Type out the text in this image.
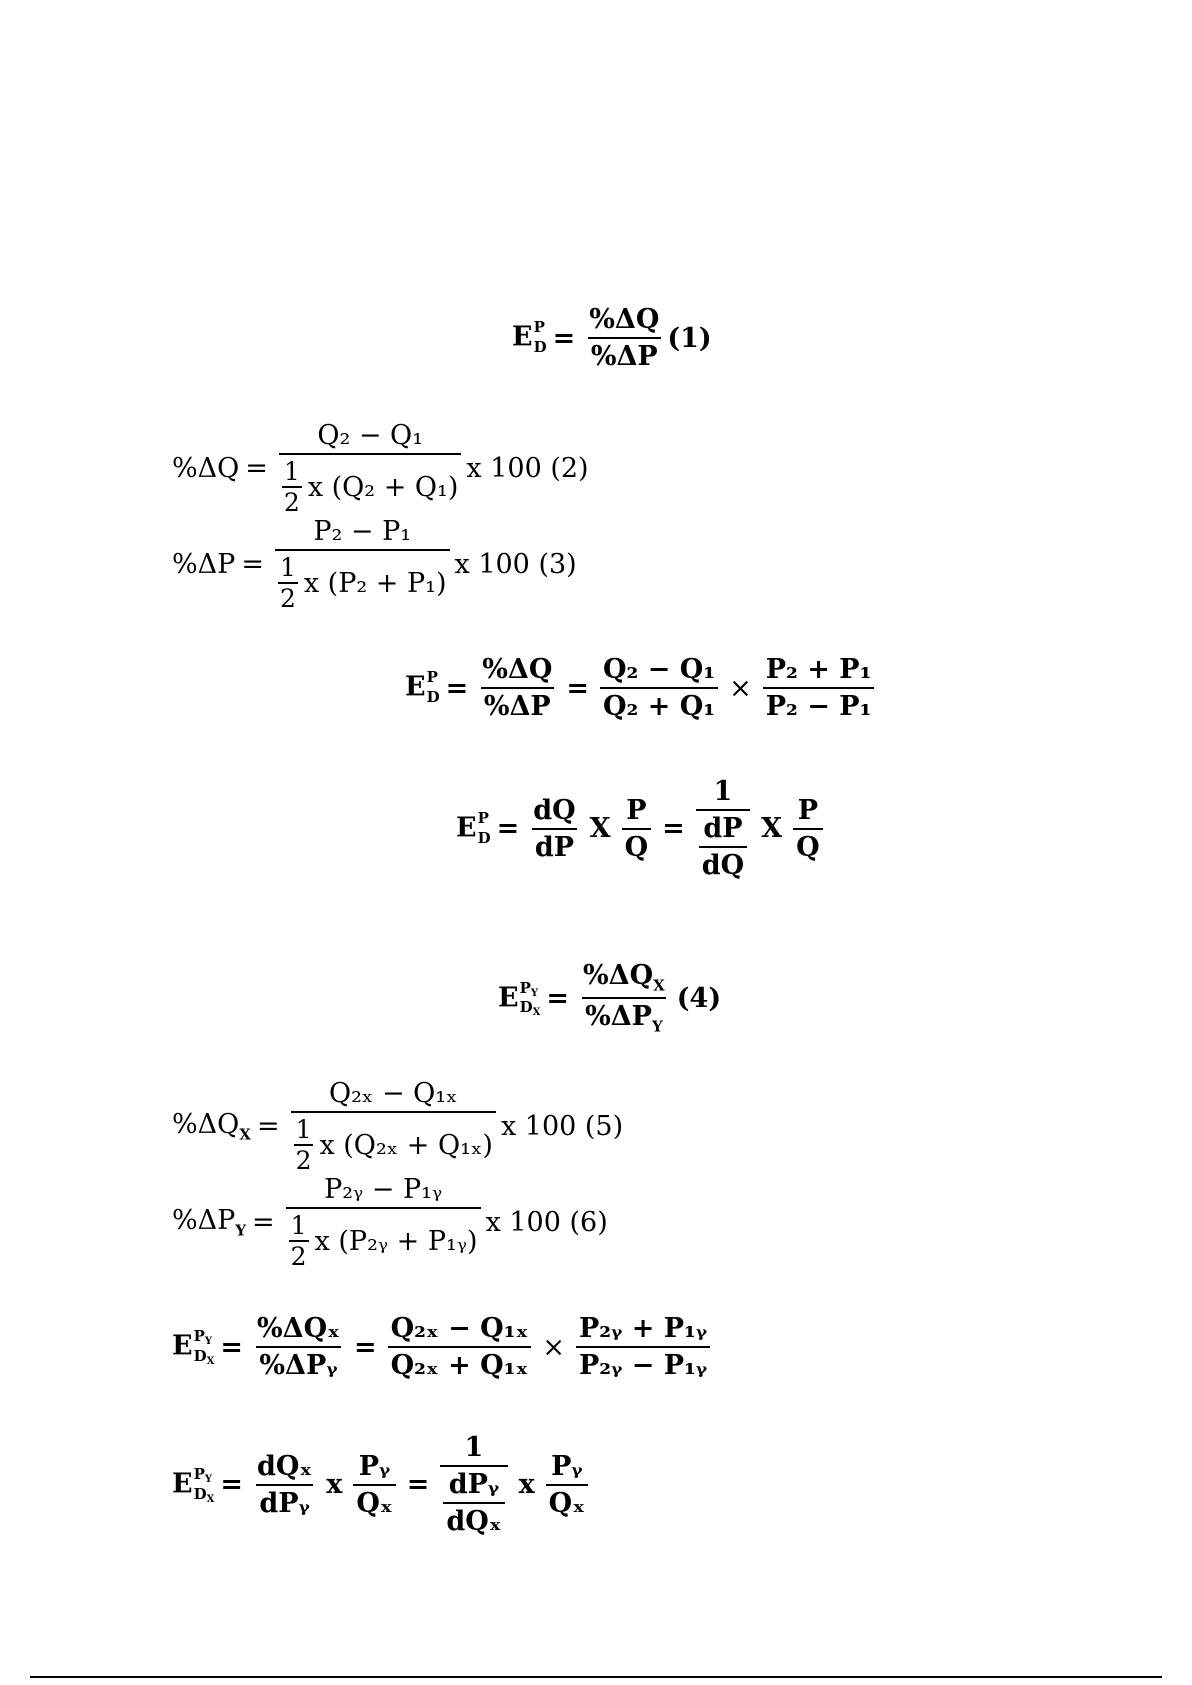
E P
$D = \frac{\%\Delta Q}{\%\Delta P} (1)$
$\%\Delta Q = \frac{\text{Q₂ − Q₁}}{\frac{1}{2} x (Q_2 + Q_1)}$ x 100 (2)
$\%\Delta P = \frac{\text{P₂ − P₁}}{\frac{1}{2} x (P_2 + P_1)}$ x 100 (3)
E P
$D = \frac{\%\Delta Q}{\%\Delta P} = \frac{\text{Q₂ − Q₁}}{\text{Q₂ + Q₁}} \times \frac{\text{P₂ + P₁}}{\text{P₂ − P₁}}$
E P
$D = \frac{dQ}{dP}$ X $\frac{P}{Q} = \frac{1}{\frac{dP}{dQ}}$ X $\frac{P}{Q}$
E $P_Y$
$D_X = \frac{\%\Delta Q_X}{\%\Delta P_Y} (4)$
$\%\Delta Q_X = \frac{\text{Q₂ₓ − Q₁ₓ}}{\frac{1}{2} x (Q_{2x} + Q_{1x})}$ x 100 (5)
$\%\Delta P_Y = \frac{\text{P₂ᵧ − P₁ᵧ}}{\frac{1}{2} x (P_2ᵧ + P_1ᵧ)}$ x 100 (6)
E $P_Y$
$D_X = \frac{\text{\%ΔQₓ}}{\text{\%ΔPᵧ}} = \frac{\text{Q₂ₓ − Q₁ₓ}}{\text{Q₂ₓ + Q₁ₓ}} \times \frac{\text{P₂ᵧ + P₁ᵧ}}{\text{P₂ᵧ − P₁ᵧ}}$
E $P_Y$
$D_X = \frac{\text{dQₓ}}{\text{dPᵧ}}$ x $\frac{\text{Pᵧ}}{\text{Qₓ}} = \frac{1}{\frac{\text{dPᵧ}}{\text{dQₓ}}}$ x $\frac{\text{Pᵧ}}{\text{Qₓ}}$
